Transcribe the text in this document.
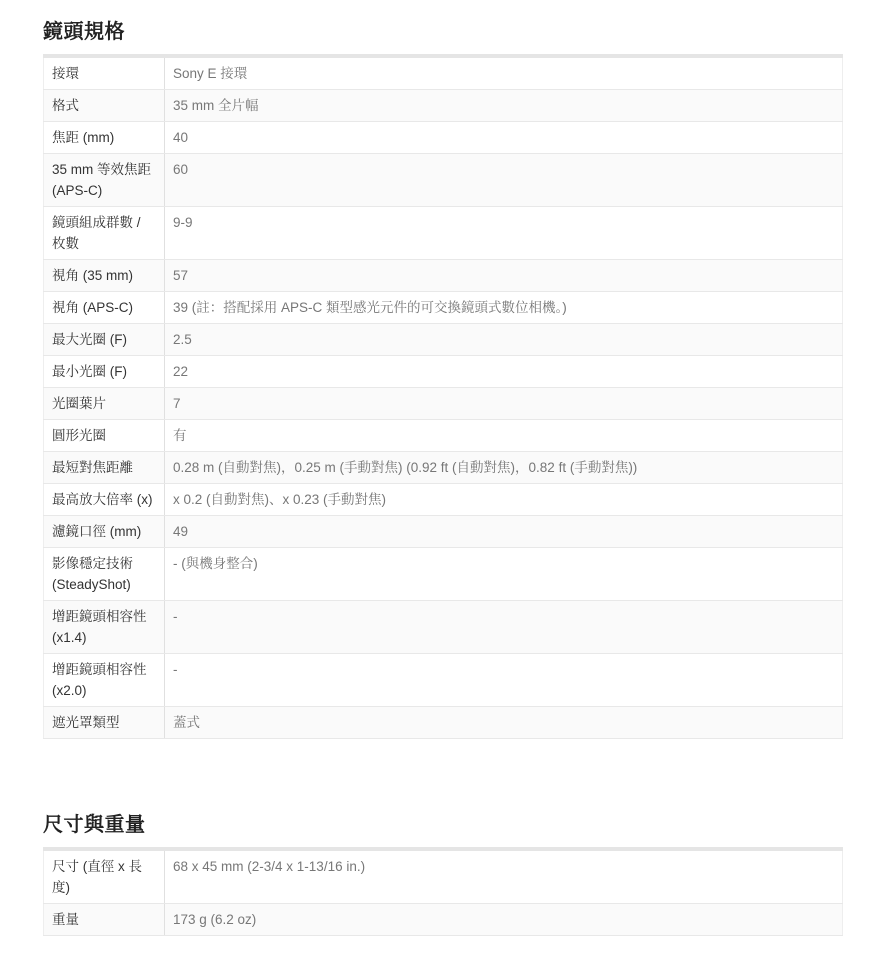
鏡頭規格
接環	Sony E 接環
格式	35 mm 全片幅
焦距 (mm)	40
35 mm 等效焦距 (APS-C)	60
鏡頭組成群數 / 枚數	9-9
視角 (35 mm)	57
視角 (APS-C)	39 (註：搭配採用 APS-C 類型感光元件的可交換鏡頭式數位相機。)
最大光圈 (F)	2.5
最小光圈 (F)	22
光圈葉片	7
圓形光圈	有
最短對焦距離	0.28 m (自動對焦)，0.25 m (手動對焦) (0.92 ft (自動對焦)，0.82 ft (手動對焦))
最高放大倍率 (x)	x 0.2 (自動對焦)、x 0.23 (手動對焦)
濾鏡口徑 (mm)	49
影像穩定技術 (SteadyShot)	- (與機身整合)
增距鏡頭相容性 (x1.4)	-
增距鏡頭相容性 (x2.0)	-
遮光罩類型	蓋式
尺寸與重量
尺寸 (直徑 x 長度)	68 x 45 mm (2-3/4 x 1-13/16 in.)
重量	173 g (6.2 oz)
